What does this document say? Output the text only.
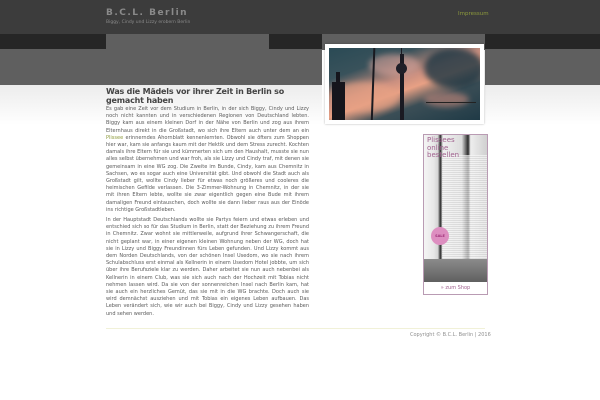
B.C.L. Berlin
Biggy, Cindy und Lizzy erobern Berlin
Impressum
Was die Mädels vor ihrer Zeit in Berlin so gemacht haben

Es gab eine Zeit vor dem Studium in Berlin, in der sich Biggy, Cindy und Lizzy noch nicht kannten und in verschiedenen Regionen von Deutschland lebten. Biggy kam aus einem kleinen Dorf in der Nähe von Berlin und zog aus ihrem Elternhaus direkt in die Großstadt, wo sich ihre Eltern auch unter dem an ein Plissee erinnerndes Ahornblatt kennenlernten. Obwohl sie öfters zum Shoppen hier war, kam sie anfangs kaum mit der Hektik und dem Stress zurecht. Kochten damals ihre Eltern für sie und kümmerten sich um den Haushalt, musste sie nun alles selbst übernehmen und war froh, als sie Lizzy und Cindy traf, mit denen sie gemeinsam in eine WG zog. Die Zweite im Bunde, Cindy, kam aus Chemnitz in Sachsen, wo es sogar auch eine Universität gibt. Und obwohl die Stadt auch als Großstadt gilt, wollte Cindy lieber für etwas noch größeres und cooleres die heimischen Gefilde verlassen. Die 3-Zimmer-Wohnung in Chemnitz, in der sie mit ihren Eltern lebte, wollte sie zwar eigentlich gegen eine Bude mit ihrem damaligen Freund eintauschen, doch wollte sie dann lieber raus aus der Einöde ins richtige Großstadtleben.

In der Hauptstadt Deutschlands wollte sie Partys feiern und etwas erleben und entschied sich so für das Studium in Berlin, statt der Beziehung zu ihrem Freund in Chemnitz. Zwar wohnt sie mittlerweile, aufgrund ihrer Schwangerschaft, die nicht geplant war, in einer eigenen kleinen Wohnung neben der WG, doch hat sie in Lizzy und Biggy Freundinnen fürs Leben gefunden. Und Lizzy kommt aus dem Norden Deutschlands, von der schönen Insel Usedom, wo sie nach ihrem Schulabschluss erst einmal als Kellnerin in einem Usedom Hotel jobbte, um sich über ihre Berufsziele klar zu werden. Daher arbeitet sie nun auch nebenbei als Kellnerin in einem Club, was sie sich auch nach der Hochzeit mit Tobias nicht nehmen lassen wird. Da sie von der sonnenreichen Insel nach Berlin kam, hat sie auch ein herzliches Gemüt, das sie mit in die WG brachte. Doch auch sie wird demnächst ausziehen und mit Tobias ein eigenes Leben aufbauen. Das Leben verändert sich, wie wir auch bei Biggy, Cindy und Lizzy gesehen haben und sehen werden.

Plissees
online
bestellen
SALE
» zum Shop
Copyright © B.C.L. Berlin | 2016
